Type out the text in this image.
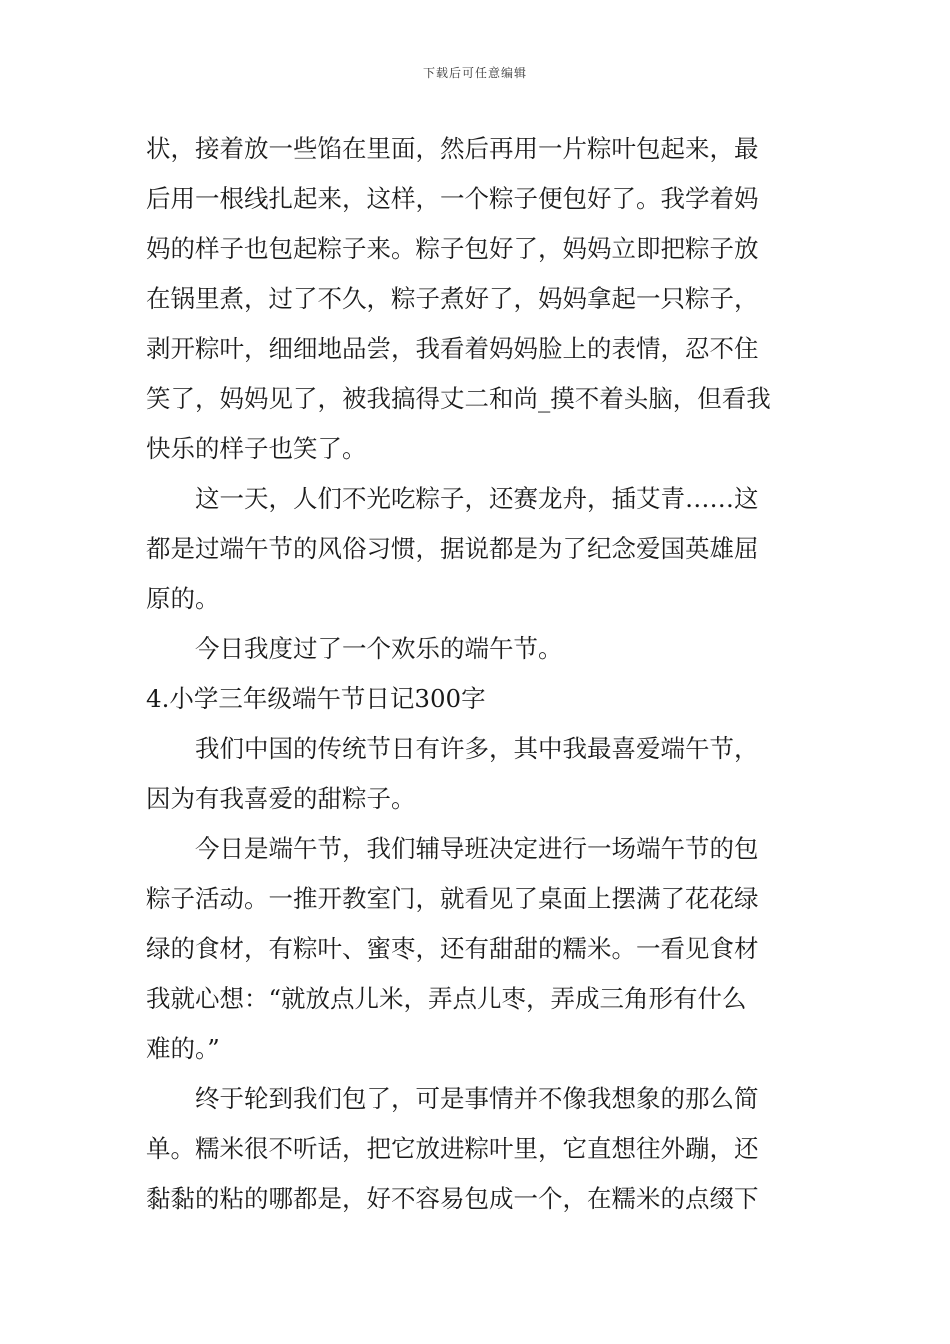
下载后可任意编辑
状，接着放一些馅在里面，然后再用一片粽叶包起来，最
后用一根线扎起来，这样，一个粽子便包好了。我学着妈
妈的样子也包起粽子来。粽子包好了，妈妈立即把粽子放
在锅里煮，过了不久，粽子煮好了，妈妈拿起一只粽子，
剥开粽叶，细细地品尝，我看着妈妈脸上的表情，忍不住
笑了，妈妈见了，被我搞得丈二和尚_摸不着头脑，但看我
快乐的样子也笑了。
这一天，人们不光吃粽子，还赛龙舟，插艾青……这
都是过端午节的风俗习惯，据说都是为了纪念爱国英雄屈
原的。
今日我度过了一个欢乐的端午节。
4.小学三年级端午节日记300字
我们中国的传统节日有许多，其中我最喜爱端午节，
因为有我喜爱的甜粽子。
今日是端午节，我们辅导班决定进行一场端午节的包
粽子活动。一推开教室门，就看见了桌面上摆满了花花绿
绿的食材，有粽叶、蜜枣，还有甜甜的糯米。一看见食材
我就心想：“就放点儿米，弄点儿枣，弄成三角形有什么
难的。”
终于轮到我们包了，可是事情并不像我想象的那么简
单。糯米很不听话，把它放进粽叶里，它直想往外蹦，还
黏黏的粘的哪都是，好不容易包成一个，在糯米的点缀下
